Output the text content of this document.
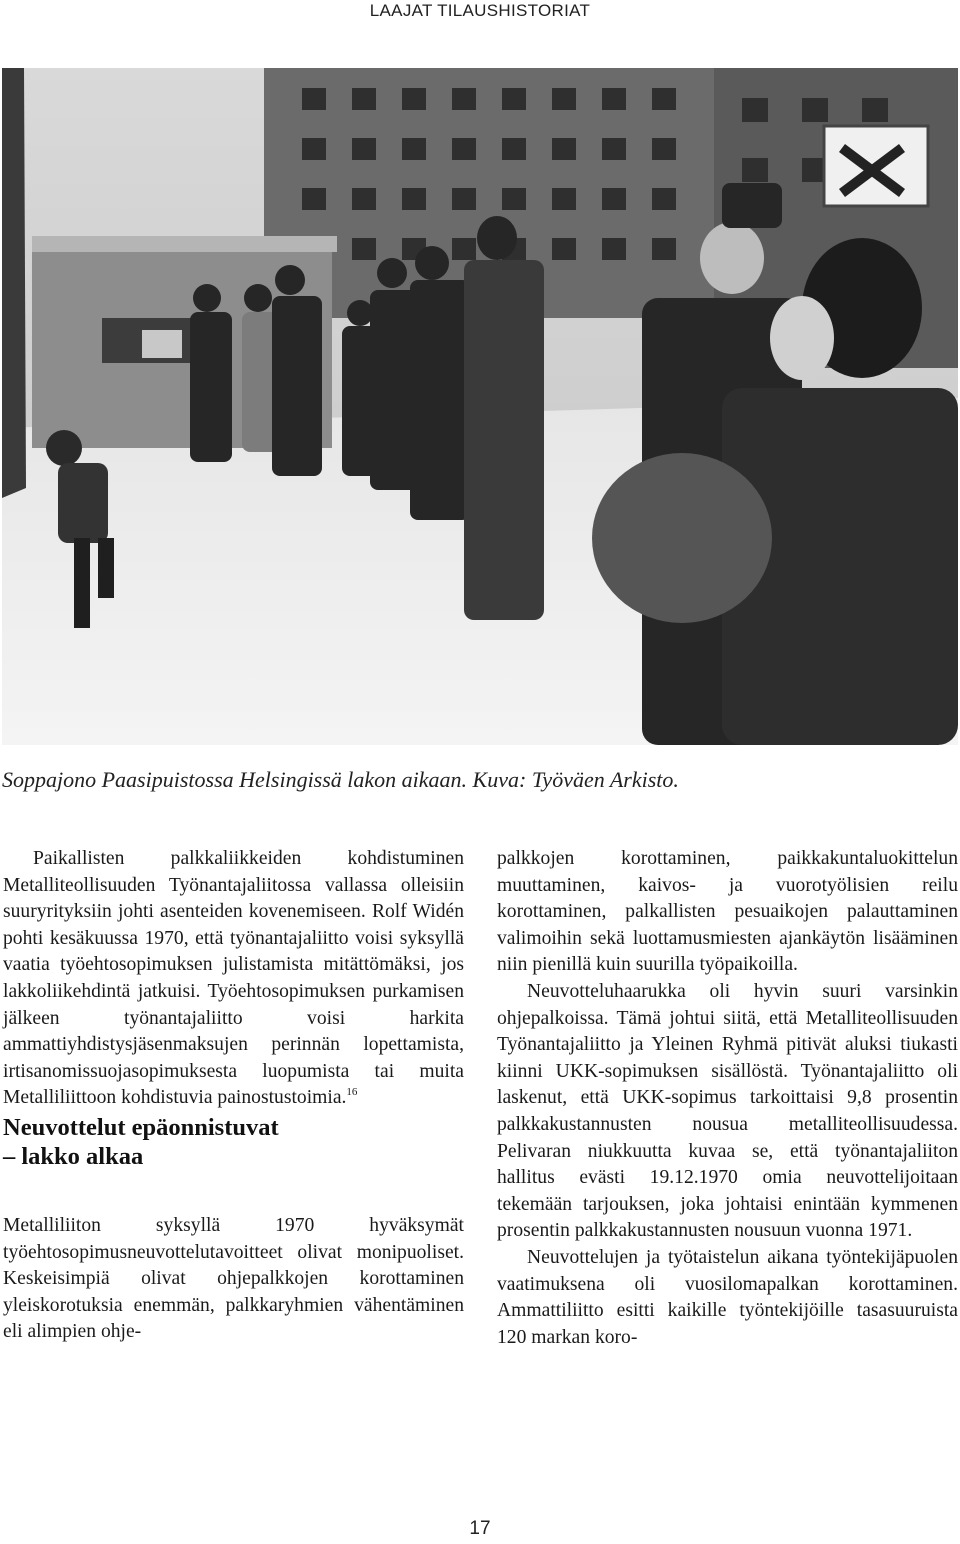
LAAJAT TILAUSHISTORIAT
Soppajono Paasipuistossa Helsingissä lakon aikaan. Kuva: Työväen Arkisto.

Paikallisten palkkaliikkeiden kohdistuminen Metalliteollisuuden Työnantajaliitossa vallassa olleisiin suuryrityksiin johti asenteiden kovenemiseen. Rolf Widén pohti kesäkuussa 1970, että työnantajaliitto voisi syksyllä vaatia työehtosopimuksen julistamista mitättömäksi, jos lakkoliikehdintä jatkuisi. Työehtosopimuksen purkamisen jälkeen työnantajaliitto voisi harkita ammattiyhdistysjäsenmaksujen perinnän lopettamista, irtisanomissuojasopimuksesta luopumista tai muita Metalliliittoon kohdistuvia painostustoimia.$^{16}$

Neuvottelut epäonnistuvat
– lakko alkaa

Metalliliiton syksyllä 1970 hyväksymät työehtosopimusneuvottelutavoitteet olivat monipuoliset. Keskeisimpiä olivat ohjepalkkojen korottaminen yleiskorotuksia enemmän, palkkaryhmien vähentäminen eli alimpien ohje-

palkkojen korottaminen, paikkakuntaluokittelun muuttaminen, kaivos- ja vuorotyölisien reilu korottaminen, palkallisten pesuaikojen palauttaminen valimoihin sekä luottamusmiesten ajankäytön lisääminen niin pienillä kuin suurilla työpaikoilla.

Neuvotteluhaarukka oli hyvin suuri varsinkin ohjepalkoissa. Tämä johtui siitä, että Metalliteollisuuden Työnantajaliitto ja Yleinen Ryhmä pitivät aluksi tiukasti kiinni UKK-sopimuksen sisällöstä. Työnantajaliitto oli laskenut, että UKK-sopimus tarkoittaisi 9,8 prosentin palkkakustannusten nousua metalliteollisuudessa. Pelivaran niukkuutta kuvaa se, että työnantajaliiton hallitus evästi 19.12.1970 omia neuvottelijoitaan tekemään tarjouksen, joka johtaisi enintään kymmenen prosentin palkkakustannusten nousuun vuonna 1971.

Neuvottelujen ja työtaistelun aikana työntekijäpuolen vaatimuksena oli vuosilomapalkan korottaminen. Ammattiliitto esitti kaikille työntekijöille tasasuuruista 120 markan koro-

17
